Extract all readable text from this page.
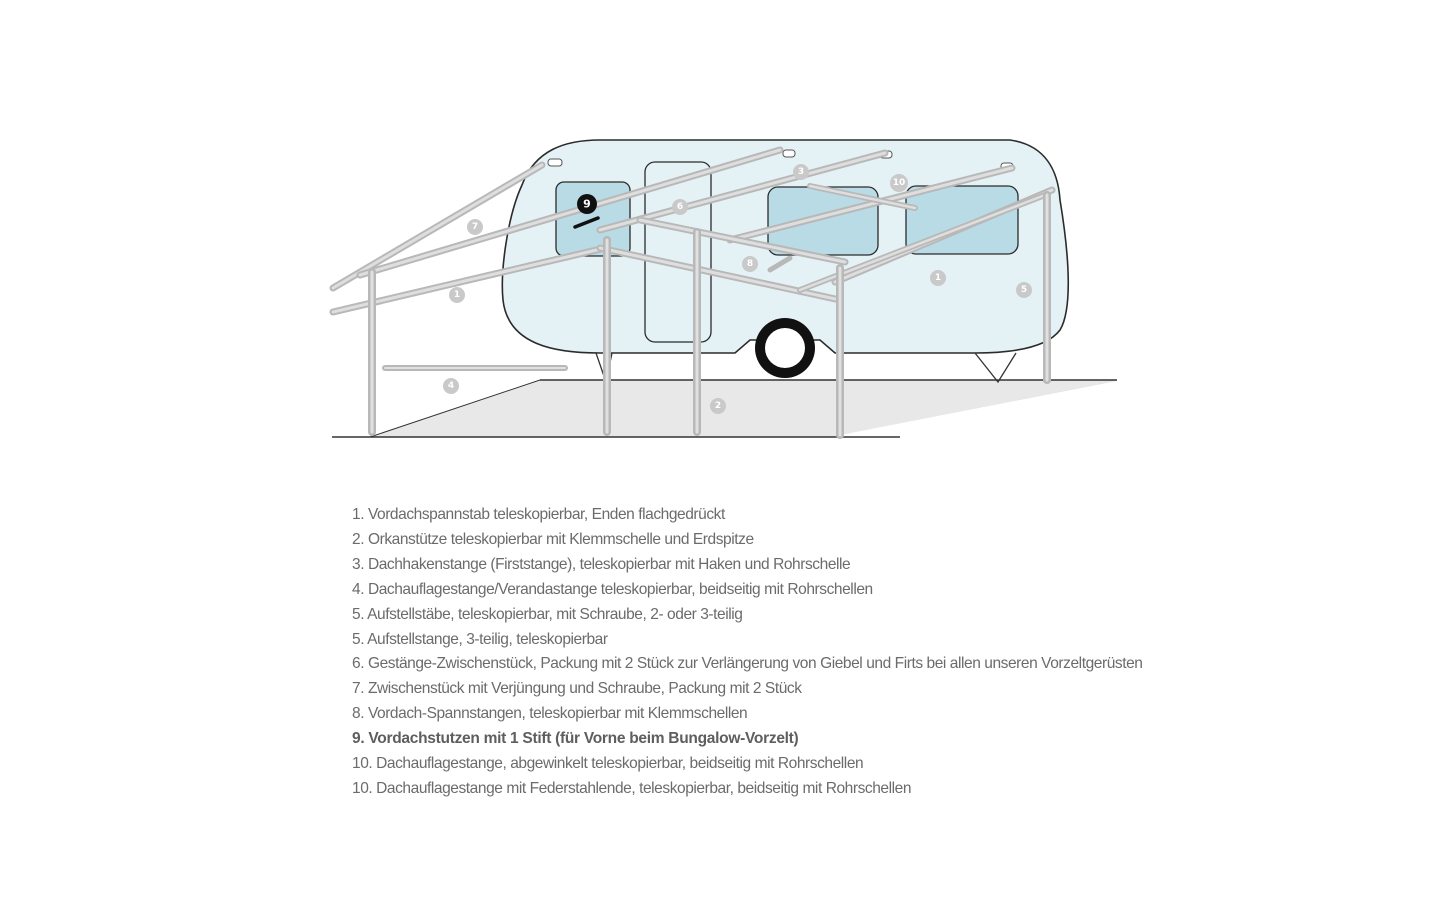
1
1
2
3
4
5
6
7
8
9
10
1. Vordachspannstab teleskopierbar, Enden flachgedrückt
2. Orkanstütze teleskopierbar mit Klemmschelle und Erdspitze
3. Dachhakenstange (Firststange), teleskopierbar mit Haken und Rohrschelle
4. Dachauflagestange/Verandastange teleskopierbar, beidseitig mit Rohrschellen
5. Aufstellstäbe, teleskopierbar, mit Schraube, 2- oder 3-teilig
5. Aufstellstange, 3-teilig, teleskopierbar
6. Gestänge-Zwischenstück, Packung mit 2 Stück zur Verlängerung von Giebel und Firts bei allen unseren Vorzeltgerüsten
7. Zwischenstück mit Verjüngung und Schraube, Packung mit 2 Stück
8. Vordach-Spannstangen, teleskopierbar mit Klemmschellen
9. Vordachstutzen mit 1 Stift (für Vorne beim Bungalow-Vorzelt)
10. Dachauflagestange, abgewinkelt teleskopierbar, beidseitig mit Rohrschellen
10. Dachauflagestange mit Federstahlende, teleskopierbar, beidseitig mit Rohrschellen
